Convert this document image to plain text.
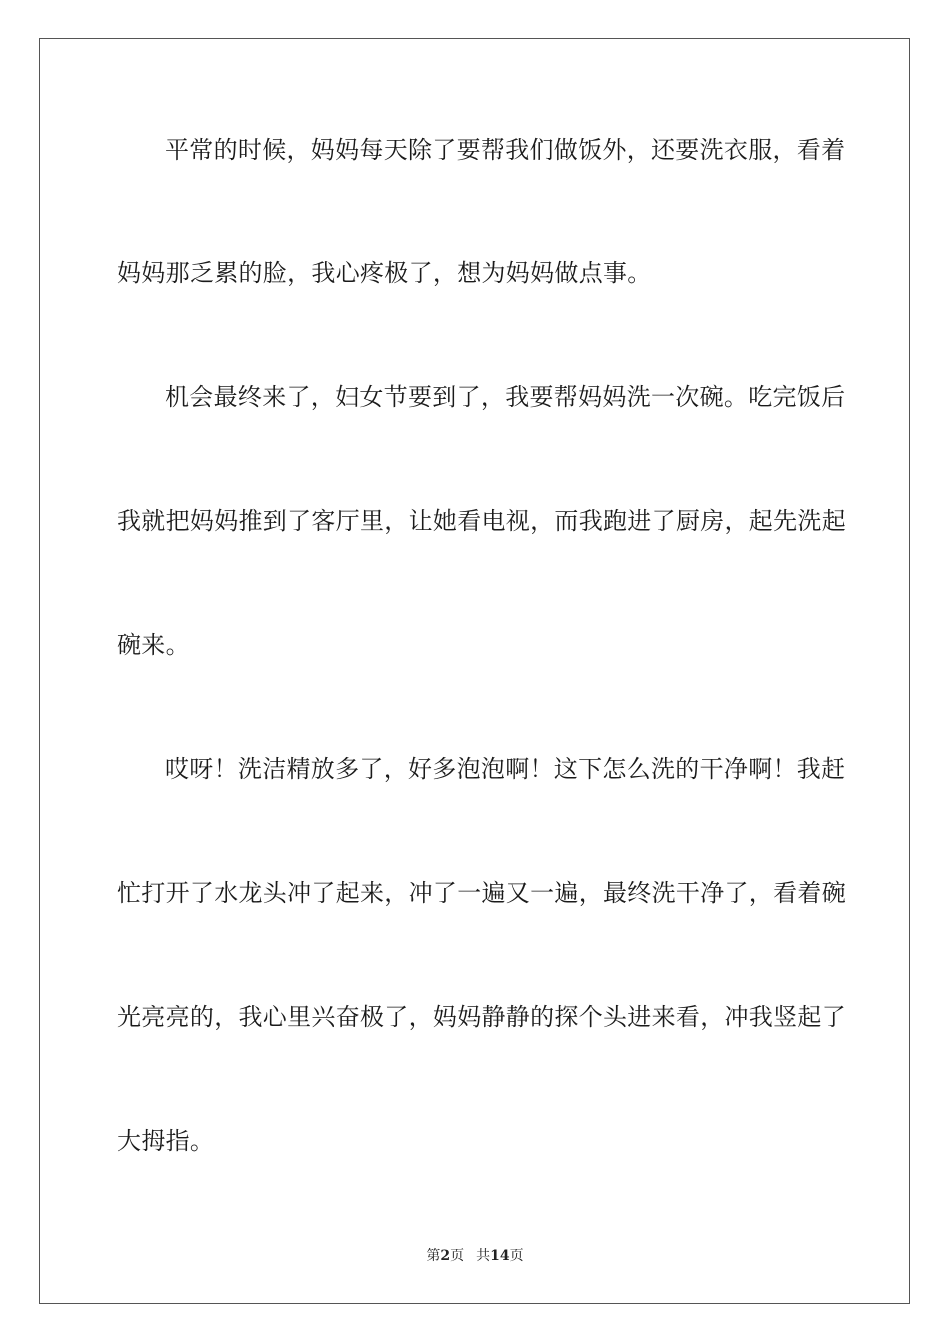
平常的时候，妈妈每天除了要帮我们做饭外，还要洗衣服，看着
妈妈那乏累的脸，我心疼极了，想为妈妈做点事。
机会最终来了，妇女节要到了，我要帮妈妈洗一次碗。吃完饭后
我就把妈妈推到了客厅里，让她看电视，而我跑进了厨房，起先洗起
碗来。
哎呀！洗洁精放多了，好多泡泡啊！这下怎么洗的干净啊！我赶
忙打开了水龙头冲了起来，冲了一遍又一遍，最终洗干净了，看着碗
光亮亮的，我心里兴奋极了，妈妈静静的探个头进来看，冲我竖起了
大拇指。
第2页 共14页
